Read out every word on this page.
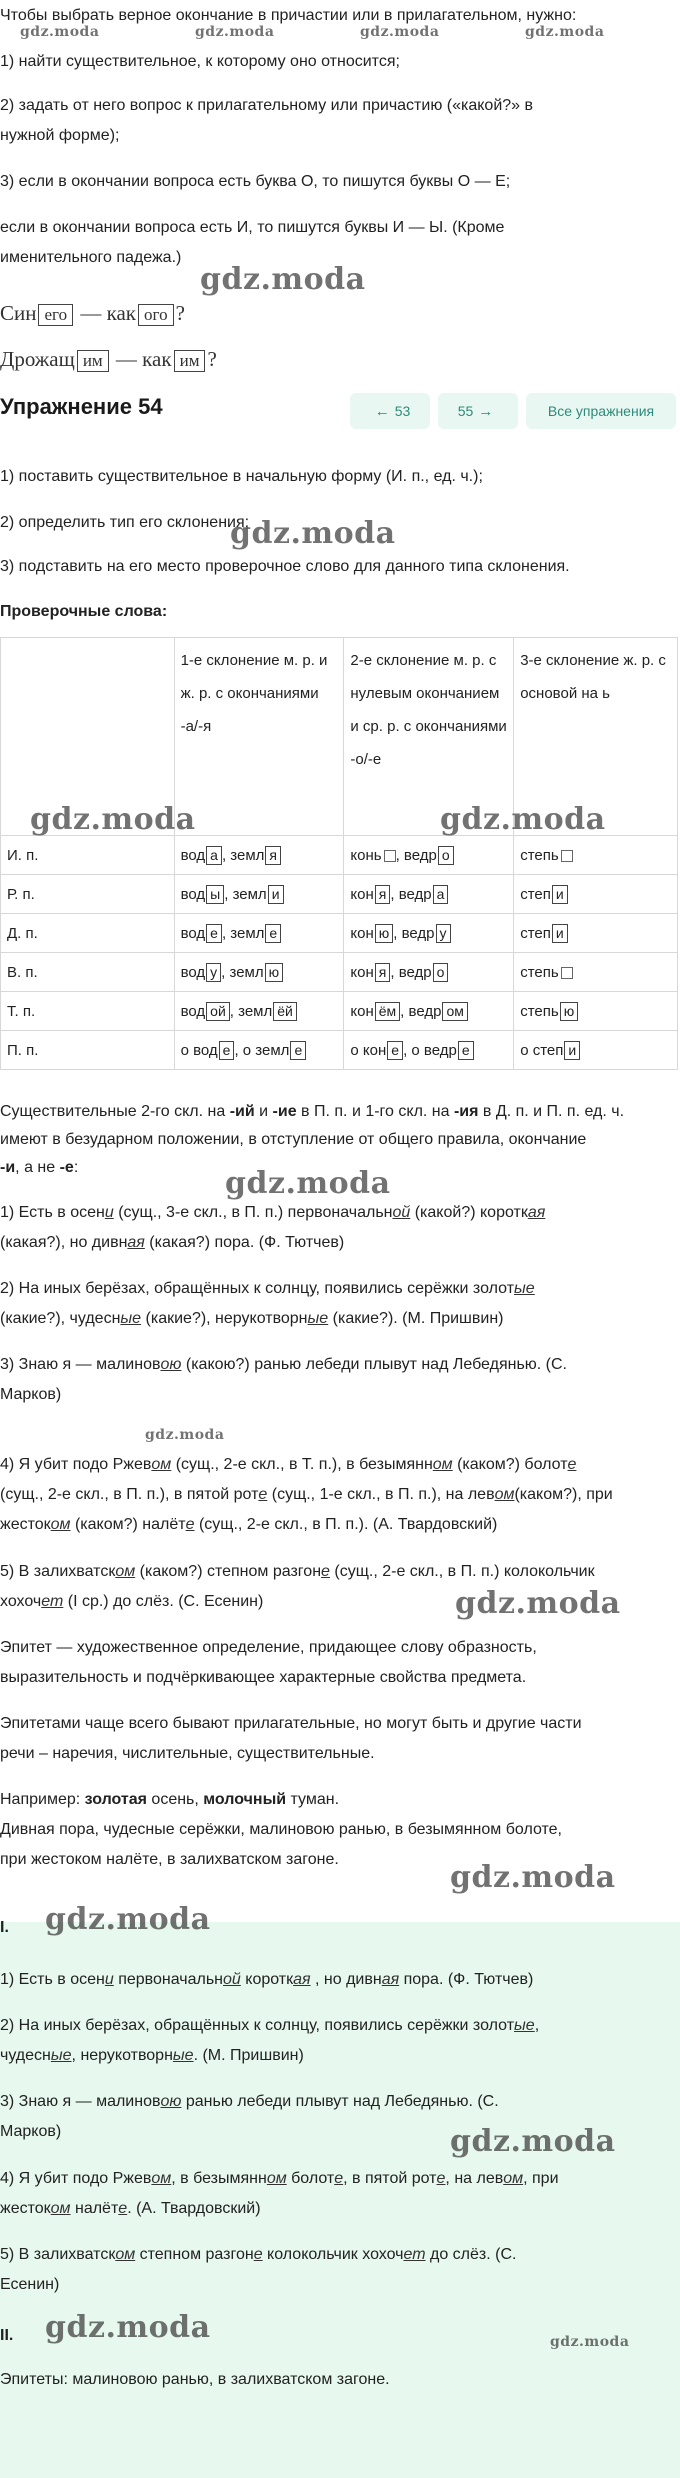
Чтобы выбрать верное окончание в причастии или в прилагательном, нужно:
1) найти существительное, к которому оно относится;
2) задать от него вопрос к прилагательному или причастию («какой?» в
нужной форме);
3) если в окончании вопроса есть буква О, то пишутся буквы О — Е;
если в окончании вопроса есть И, то пишутся буквы И — Ы. (Кроме
именительного падежа.)
Син его — как ого ?
Дрожащ им — как им ?
Упражнение 54	← 53	55 →	Все упражнения
1) поставить существительное в начальную форму (И. п., ед. ч.);
2) определить тип его склонения;
3) подставить на его место проверочное слово для данного типа склонения.
Проверочные слова:
	1-е склонение м. р. и ж. р. с окончаниями -а/-я	2-е склонение м. р. с нулевым окончанием и ср. р. с окончаниями -о/-е	3-е склонение ж. р. с основой на ь
И. п.	вод а , земл я	конь , ведр о	степь
Р. п.	вод ы , земл и	кон я , ведр а	степ и
Д. п.	вод е , земл е	кон ю , ведр у	степ и
В. п.	вод у , земл ю	кон я , ведр о	степь
Т. п.	вод ой , земл ёй	кон ём , ведр ом	степь ю
П. п.	о вод е , о земл е	о кон е , о ведр е	о степ и
Существительные 2-го скл. на -ий и -ие в П. п. и 1-го скл. на -ия в Д. п. и П. п. ед. ч.
имеют в безударном положении, в отступление от общего правила, окончание
-и, а не -е:
1) Есть в осени (сущ., 3-е скл., в П. п.) первоначальной (какой?) короткая
(какая?), но дивная (какая?) пора. (Ф. Тютчев)
2) На иных берёзах, обращённых к солнцу, появились серёжки золотые
(какие?), чудесные (какие?), нерукотворные (какие?). (М. Пришвин)
3) Знаю я — малиновою (какою?) ранью лебеди плывут над Лебедянью. (С.
Марков)
4) Я убит подо Ржевом (сущ., 2-е скл., в Т. п.), в безымянном (каком?) болоте
(сущ., 2-е скл., в П. п.), в пятой роте (сущ., 1-е скл., в П. п.), на левом(каком?), при
жестоком (каком?) налёте (сущ., 2-е скл., в П. п.). (А. Твардовский)
5) В залихватском (каком?) степном разгоне (сущ., 2-е скл., в П. п.) колокольчик
хохочет (I ср.) до слёз. (С. Есенин)
Эпитет — художественное определение, придающее слову образность,
выразительность и подчёркивающее характерные свойства предмета.
Эпитетами чаще всего бывают прилагательные, но могут быть и другие части
речи – наречия, числительные, существительные.
Например: золотая осень, молочный туман.
Дивная пора, чудесные серёжки, малиновою ранью, в безымянном болоте,
при жестоком налёте, в залихватском загоне.
I.
1) Есть в осени первоначальной короткая , но дивная пора. (Ф. Тютчев)
2) На иных берёзах, обращённых к солнцу, появились серёжки золотые,
чудесные, нерукотворные. (М. Пришвин)
3) Знаю я — малиновою ранью лебеди плывут над Лебедянью. (С.
Марков)
4) Я убит подо Ржевом, в безымянном болоте, в пятой роте, на левом, при
жестоком налёте. (А. Твардовский)
5) В залихватском степном разгоне колокольчик хохочет до слёз. (С.
Есенин)
II.
Эпитеты: малиновою ранью, в залихватском загоне.
gdz.moda	gdz.moda	gdz.moda	gdz.moda
gdz.moda
gdz.moda
gdz.moda	gdz.moda
gdz.moda
gdz.moda
gdz.moda
gdz.moda
gdz.moda
gdz.moda
gdz.moda	gdz.moda
